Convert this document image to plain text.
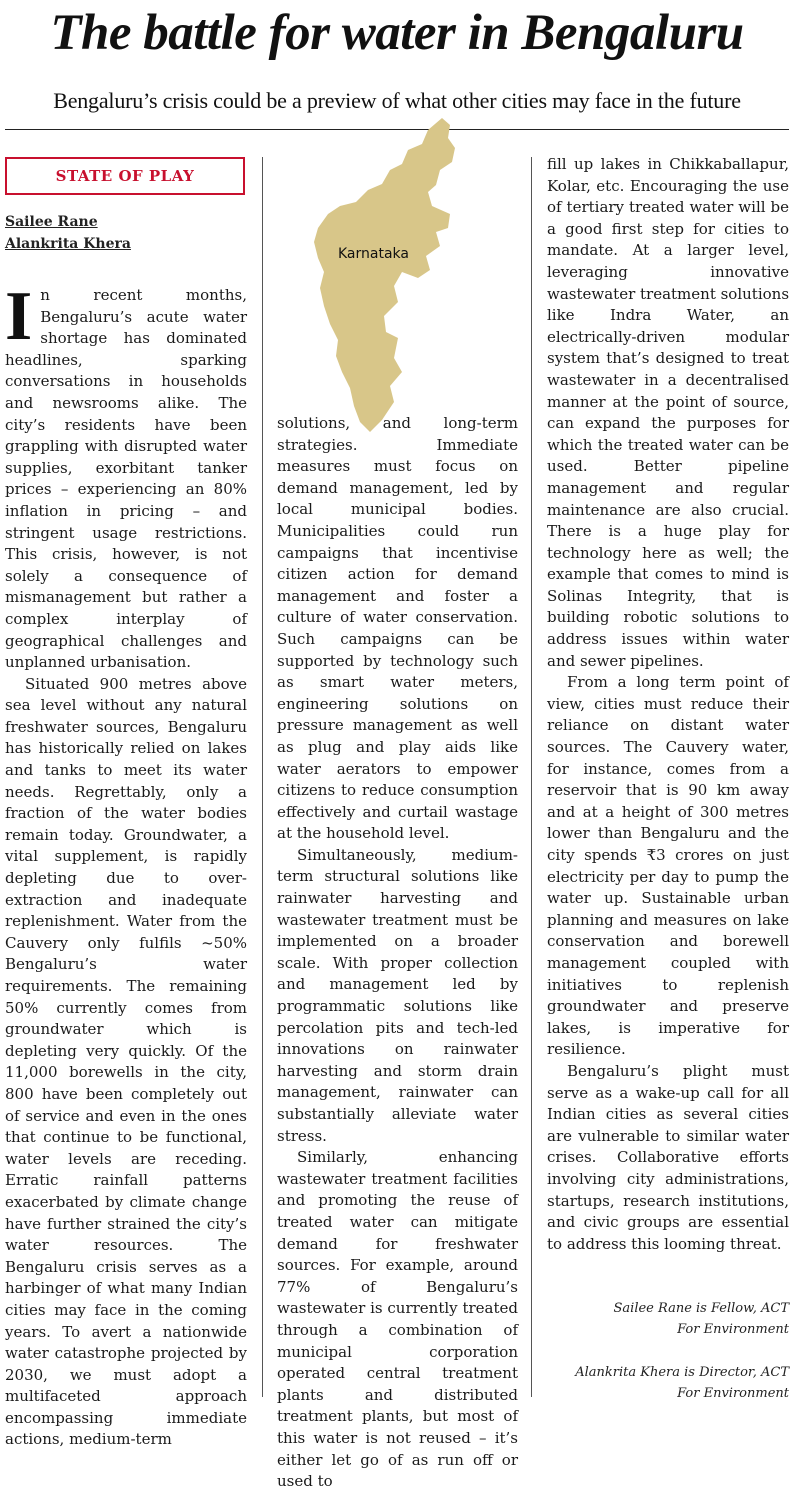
The battle for water in Bengaluru
Bengaluru’s crisis could be a preview of what other cities may face in the future
STATE OF PLAY
Sailee Rane
Alankrita Khera
Karnataka

In recent months, Bengaluru’s acute water shortage has dominated headlines, sparking conversations in households and newsrooms alike. The city’s residents have been grappling with disrupted water supplies, exorbitant tanker prices – experiencing an 80% inflation in pricing – and stringent usage restrictions. This crisis, however, is not solely a consequence of mismanagement but rather a complex interplay of geographical challenges and unplanned urbanisation.

Situated 900 metres above sea level without any natural freshwater sources, Bengaluru has historically relied on lakes and tanks to meet its water needs. Regrettably, only a fraction of the water bodies remain today. Groundwater, a vital supplement, is rapidly depleting due to over-extraction and inadequate replenishment. Water from the Cauvery only fulfils ~50% Bengaluru’s water requirements. The remaining 50% currently comes from groundwater which is depleting very quickly. Of the 11,000 borewells in the city, 800 have been completely out of service and even in the ones that continue to be functional, water levels are receding. Erratic rainfall patterns exacerbated by climate change have further strained the city’s water resources. The Bengaluru crisis serves as a harbinger of what many Indian cities may face in the coming years. To avert a nationwide water catastrophe projected by 2030, we must adopt a multifaceted approach encompassing immediate actions, medium-term

solutions, and long-term strategies. Immediate measures must focus on demand management, led by local municipal bodies. Municipalities could run campaigns that incentivise citizen action for demand management and foster a culture of water conservation. Such campaigns can be supported by technology such as smart water meters, engineering solutions on pressure management as well as plug and play aids like water aerators to empower citizens to reduce consumption effectively and curtail wastage at the household level.

Simultaneously, medium-term structural solutions like rainwater harvesting and wastewater treatment must be implemented on a broader scale. With proper collection and management led by programmatic solutions like percolation pits and tech-led innovations on rainwater harvesting and storm drain management, rainwater can substantially alleviate water stress.

Similarly, enhancing wastewater treatment facilities and promoting the reuse of treated water can mitigate demand for freshwater sources. For example, around 77% of Bengaluru’s wastewater is currently treated through a combination of municipal corporation operated central treatment plants and distributed treatment plants, but most of this water is not reused – it’s either let go of as run off or used to

fill up lakes in Chikkaballapur, Kolar, etc. Encouraging the use of tertiary treated water will be a good first step for cities to mandate. At a larger level, leveraging innovative wastewater treatment solutions like Indra Water, an electrically-driven modular system that’s designed to treat wastewater in a decentralised manner at the point of source, can expand the purposes for which the treated water can be used. Better pipeline management and regular maintenance are also crucial. There is a huge play for technology here as well; the example that comes to mind is Solinas Integrity, that is building robotic solutions to address issues within water and sewer pipelines.

From a long term point of view, cities must reduce their reliance on distant water sources. The Cauvery water, for instance, comes from a reservoir that is 90 km away and at a height of 300 metres lower than Bengaluru and the city spends ₹3 crores on just electricity per day to pump the water up. Sustainable urban planning and measures on lake conservation and borewell management coupled with initiatives to replenish groundwater and preserve lakes, is imperative for resilience.

Bengaluru’s plight must serve as a wake-up call for all Indian cities as several cities are vulnerable to similar water crises. Collaborative efforts involving city administrations, startups, research institutions, and civic groups are essential to address this looming threat.

Sailee Rane is Fellow, ACT For Environment
Alankrita Khera is Director, ACT For Environment
